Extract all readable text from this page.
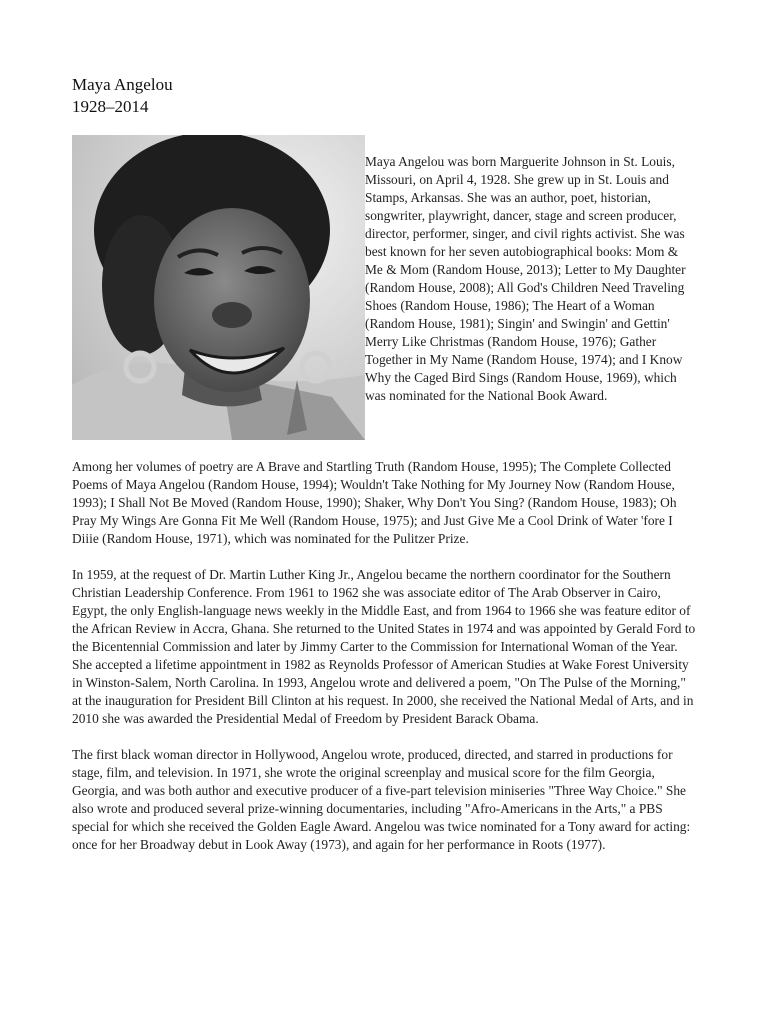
Maya Angelou
1928–2014

Maya Angelou was born Marguerite Johnson in St. Louis, Missouri, on April 4, 1928. She grew up in St. Louis and Stamps, Arkansas. She was an author, poet, historian, songwriter, playwright, dancer, stage and screen producer, director, performer, singer, and civil rights activist. She was best known for her seven autobiographical books: Mom & Me & Mom (Random House, 2013); Letter to My Daughter (Random House, 2008); All God's Children Need Traveling Shoes (Random House, 1986); The Heart of a Woman (Random House, 1981); Singin' and Swingin' and Gettin' Merry Like Christmas (Random House, 1976); Gather Together in My Name (Random House, 1974); and I Know Why the Caged Bird Sings (Random House, 1969), which was nominated for the National Book Award.

Among her volumes of poetry are A Brave and Startling Truth (Random House, 1995); The Complete Collected Poems of Maya Angelou (Random House, 1994); Wouldn't Take Nothing for My Journey Now (Random House, 1993); I Shall Not Be Moved (Random House, 1990); Shaker, Why Don't You Sing? (Random House, 1983); Oh Pray My Wings Are Gonna Fit Me Well (Random House, 1975); and Just Give Me a Cool Drink of Water 'fore I Diiie (Random House, 1971), which was nominated for the Pulitzer Prize.

In 1959, at the request of Dr. Martin Luther King Jr., Angelou became the northern coordinator for the Southern Christian Leadership Conference. From 1961 to 1962 she was associate editor of The Arab Observer in Cairo, Egypt, the only English-language news weekly in the Middle East, and from 1964 to 1966 she was feature editor of the African Review in Accra, Ghana. She returned to the United States in 1974 and was appointed by Gerald Ford to the Bicentennial Commission and later by Jimmy Carter to the Commission for International Woman of the Year. She accepted a lifetime appointment in 1982 as Reynolds Professor of American Studies at Wake Forest University in Winston-Salem, North Carolina. In 1993, Angelou wrote and delivered a poem, "On The Pulse of the Morning," at the inauguration for President Bill Clinton at his request. In 2000, she received the National Medal of Arts, and in 2010 she was awarded the Presidential Medal of Freedom by President Barack Obama.

The first black woman director in Hollywood, Angelou wrote, produced, directed, and starred in productions for stage, film, and television. In 1971, she wrote the original screenplay and musical score for the film Georgia, Georgia, and was both author and executive producer of a five-part television miniseries "Three Way Choice." She also wrote and produced several prize-winning documentaries, including "Afro-Americans in the Arts," a PBS special for which she received the Golden Eagle Award. Angelou was twice nominated for a Tony award for acting: once for her Broadway debut in Look Away (1973), and again for her performance in Roots (1977).
